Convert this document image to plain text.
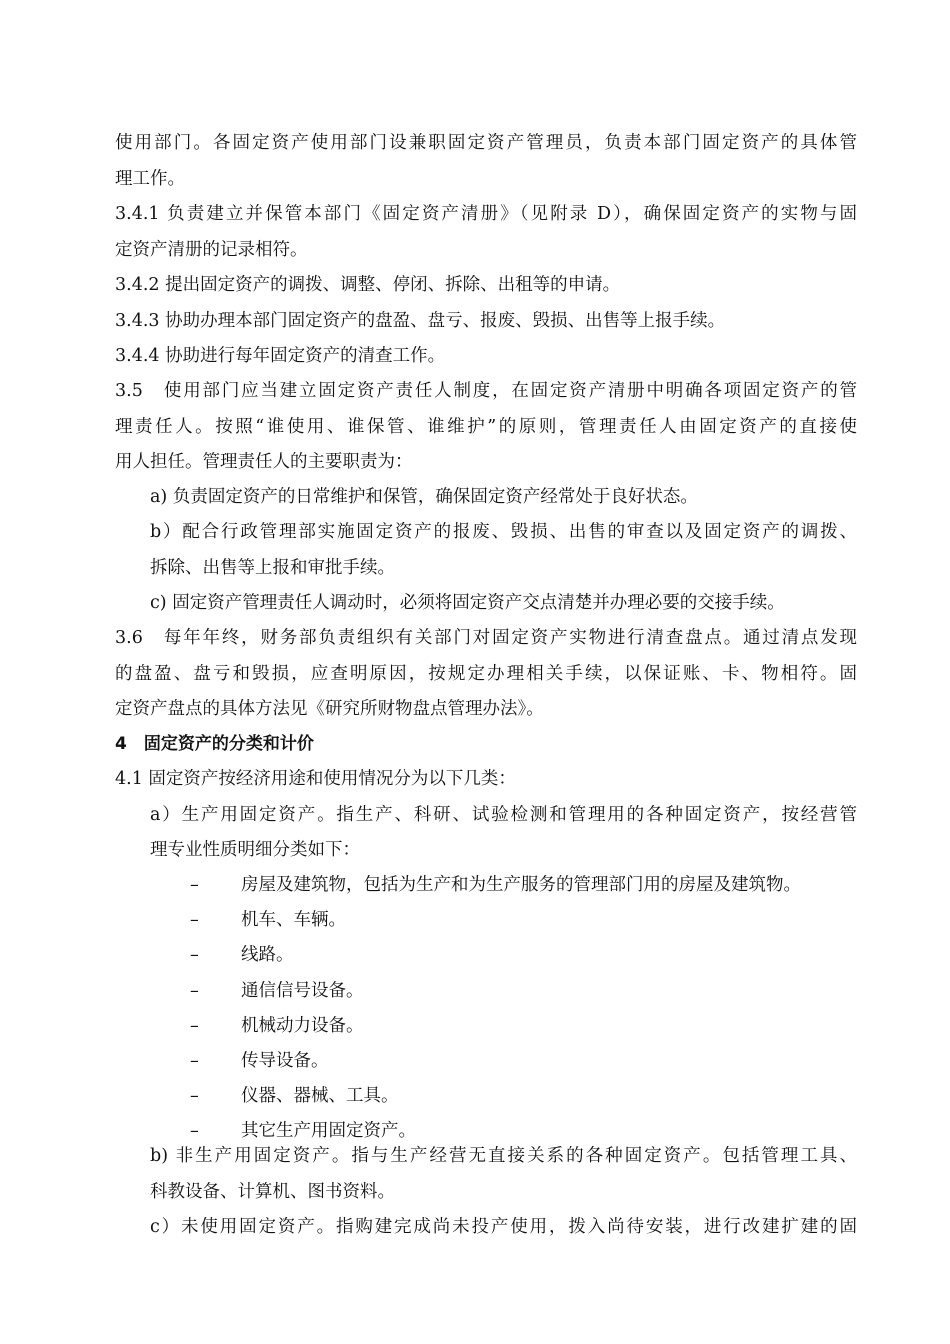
使用部门。各固定资产使用部门设兼职固定资产管理员，负责本部门固定资产的具体管
理工作。
3.4.1 负责建立并保管本部门《固定资产清册》（见附录 D），确保固定资产的实物与固
定资产清册的记录相符。
3.4.2 提出固定资产的调拨、调整、停闭、拆除、出租等的申请。
3.4.3 协助办理本部门固定资产的盘盈、盘亏、报废、毁损、出售等上报手续。
3.4.4 协助进行每年固定资产的清查工作。
3.5　使用部门应当建立固定资产责任人制度，在固定资产清册中明确各项固定资产的管
理责任人。按照“谁使用、谁保管、谁维护”的原则，管理责任人由固定资产的直接使
用人担任。管理责任人的主要职责为：
a) 负责固定资产的日常维护和保管，确保固定资产经常处于良好状态。
b）配合行政管理部实施固定资产的报废、毁损、出售的审查以及固定资产的调拨、
拆除、出售等上报和审批手续。
c) 固定资产管理责任人调动时，必须将固定资产交点清楚并办理必要的交接手续。
3.6　每年年终，财务部负责组织有关部门对固定资产实物进行清查盘点。通过清点发现
的盘盈、盘亏和毁损，应查明原因，按规定办理相关手续，以保证账、卡、物相符。固
定资产盘点的具体方法见《研究所财物盘点管理办法》。
4　固定资产的分类和计价
4.1 固定资产按经济用途和使用情况分为以下几类：
a）生产用固定资产。指生产、科研、试验检测和管理用的各种固定资产，按经营管
理专业性质明细分类如下：
– 房屋及建筑物，包括为生产和为生产服务的管理部门用的房屋及建筑物。
– 机车、车辆。
– 线路。
– 通信信号设备。
– 机械动力设备。
– 传导设备。
– 仪器、器械、工具。
– 其它生产用固定资产。
b) 非生产用固定资产。指与生产经营无直接关系的各种固定资产。包括管理工具、
科教设备、计算机、图书资料。
c）未使用固定资产。指购建完成尚未投产使用，拨入尚待安装，进行改建扩建的固
